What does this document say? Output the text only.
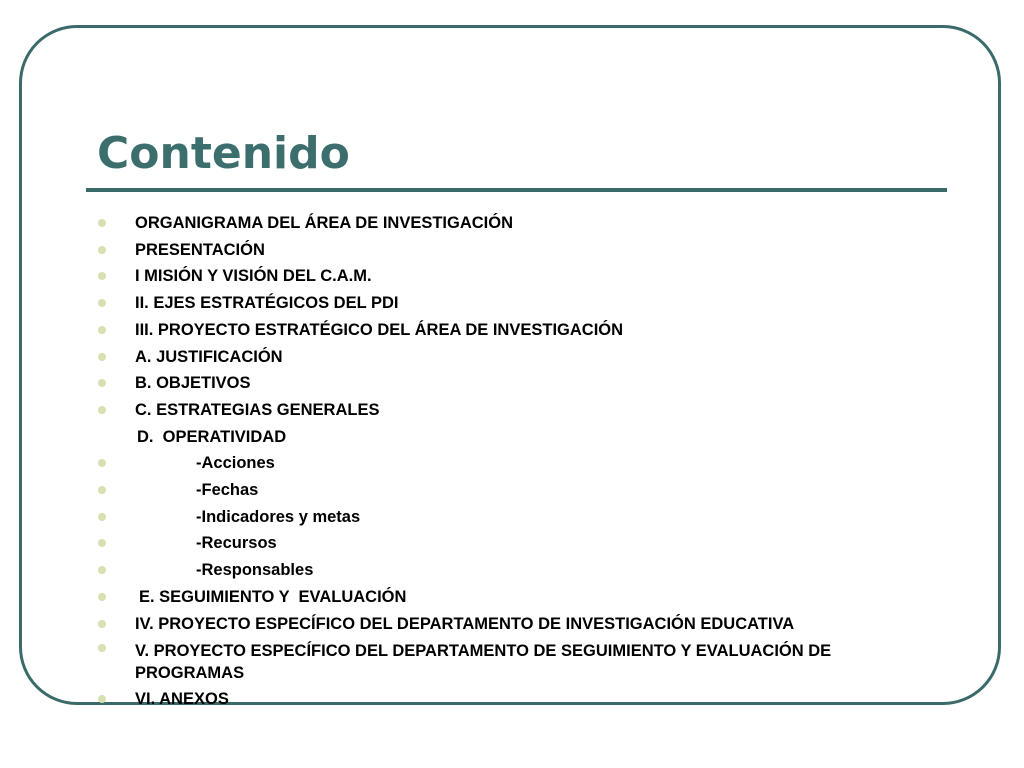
Contenido
ORGANIGRAMA DEL ÁREA DE INVESTIGACIÓN
PRESENTACIÓN
I MISIÓN Y VISIÓN DEL C.A.M.
II. EJES ESTRATÉGICOS DEL PDI
III. PROYECTO ESTRATÉGICO DEL ÁREA DE INVESTIGACIÓN
A. JUSTIFICACIÓN
B. OBJETIVOS
C. ESTRATEGIAS GENERALES
D.  OPERATIVIDAD
-Acciones
-Fechas
-Indicadores y metas
-Recursos
-Responsables
E. SEGUIMIENTO Y  EVALUACIÓN
IV. PROYECTO ESPECÍFICO DEL DEPARTAMENTO DE INVESTIGACIÓN EDUCATIVA
V. PROYECTO ESPECÍFICO DEL DEPARTAMENTO DE SEGUIMIENTO Y EVALUACIÓN DE PROGRAMAS
VI. ANEXOS
